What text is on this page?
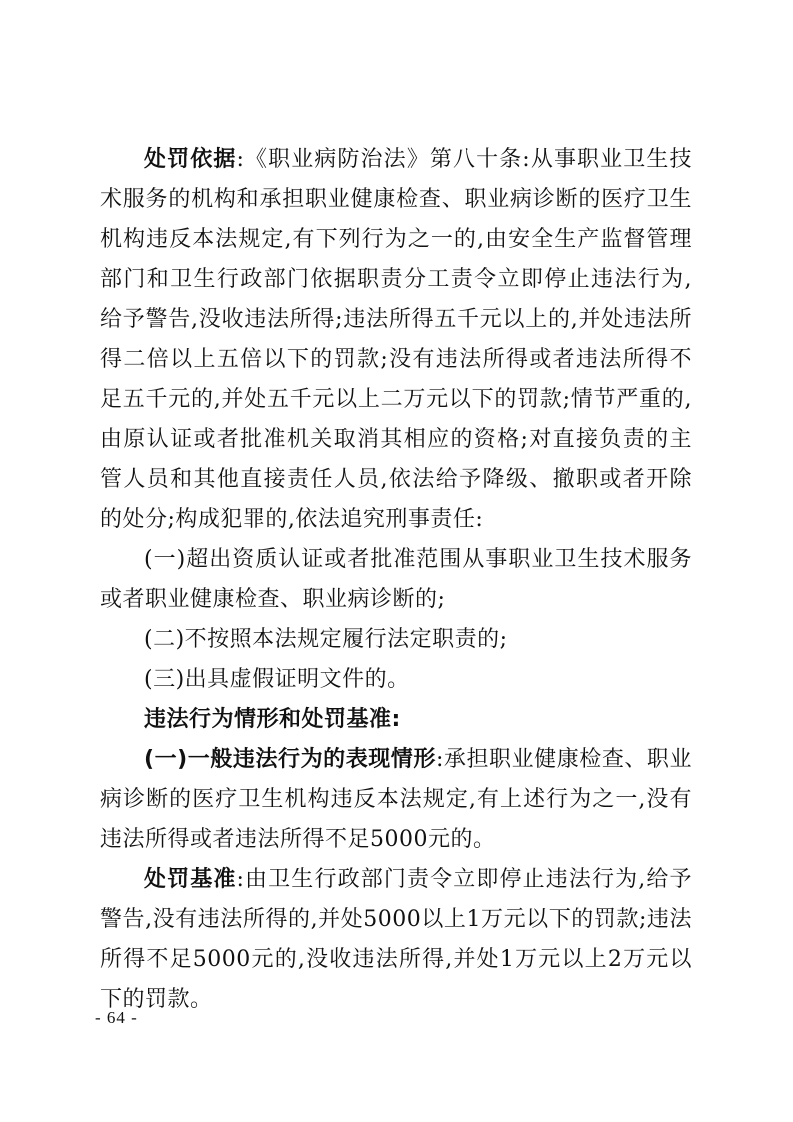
处罚依据:《职业病防治法》第八十条:从事职业卫生技术服务的机构和承担职业健康检查、职业病诊断的医疗卫生机构违反本法规定,有下列行为之一的,由安全生产监督管理部门和卫生行政部门依据职责分工责令立即停止违法行为,给予警告,没收违法所得;违法所得五千元以上的,并处违法所得二倍以上五倍以下的罚款;没有违法所得或者违法所得不足五千元的,并处五千元以上二万元以下的罚款;情节严重的,由原认证或者批准机关取消其相应的资格;对直接负责的主管人员和其他直接责任人员,依法给予降级、撤职或者开除的处分;构成犯罪的,依法追究刑事责任:

(一)超出资质认证或者批准范围从事职业卫生技术服务或者职业健康检查、职业病诊断的;

(二)不按照本法规定履行法定职责的;

(三)出具虚假证明文件的。

违法行为情形和处罚基准:

(一)一般违法行为的表现情形:承担职业健康检查、职业病诊断的医疗卫生机构违反本法规定,有上述行为之一,没有违法所得或者违法所得不足5000元的。

处罚基准:由卫生行政部门责令立即停止违法行为,给予警告,没有违法所得的,并处5000以上1万元以下的罚款;违法所得不足5000元的,没收违法所得,并处1万元以上2万元以下的罚款。

- 64 -
